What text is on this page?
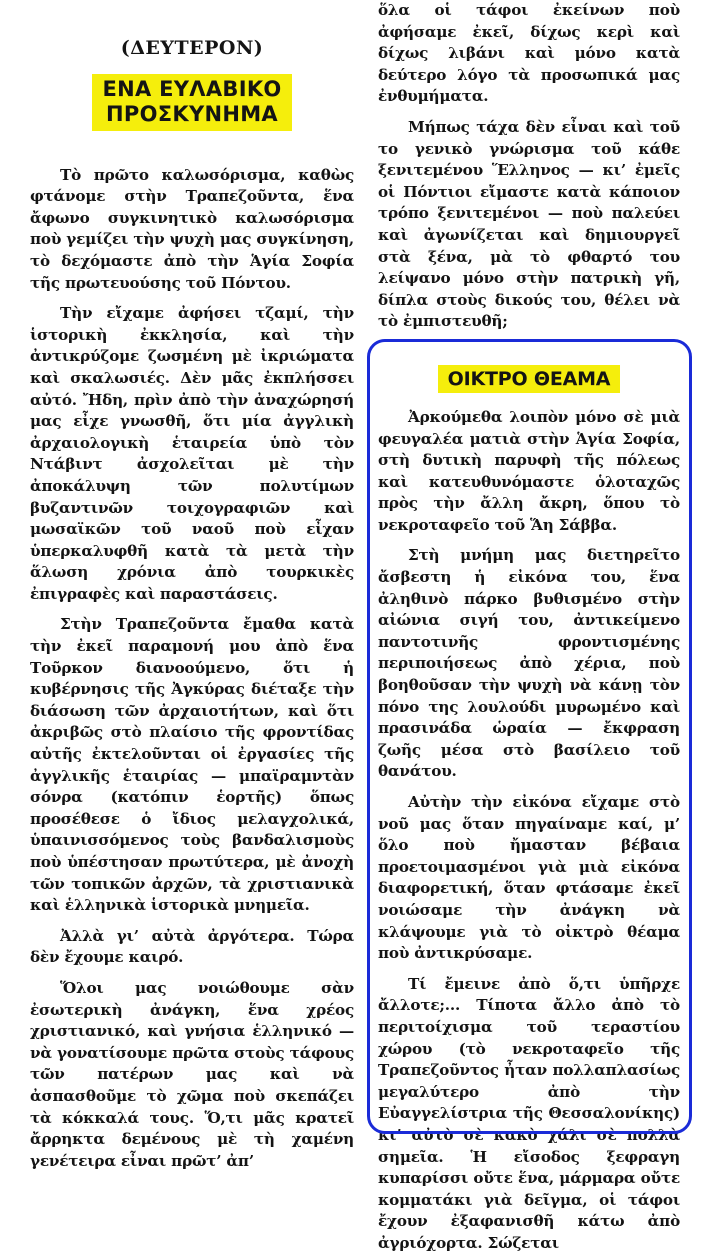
(ΔΕΥΤΕΡΟΝ)
ΕΝΑ ΕΥΛΑΒΙΚΟ
ΠΡΟΣΚΥΝΗΜΑ

Τὸ πρῶτο καλωσόρισμα, καθὼς φτάνομε στὴν Τραπεζοῦντα, ἕνα ἄφωνο συγκινητικὸ καλωσόρισμα ποὺ γεμίζει τὴν ψυχὴ μας συγκίνηση, τὸ δεχόμαστε ἀπὸ τὴν Ἁγία Σοφία τῆς πρωτευούσης τοῦ Πόντου.

Τὴν εἴχαμε ἀφήσει τζαμί, τὴν ἱστορικὴ ἐκκλησία, καὶ τὴν ἀντικρύζομε ζωσμένη μὲ ἰκριώματα καὶ σκαλωσιές. Δὲν μᾶς ἐκπλήσσει αὐτό. Ἤδη, πρὶν ἀπὸ τὴν ἀναχώρησή μας εἶχε γνωσθῆ, ὅτι μία ἀγγλικὴ ἀρχαιολογικὴ ἑταιρεία ὑπὸ τὸν Ντάβιντ ἀσχολεῖται μὲ τὴν ἀποκάλυψη τῶν πολυτίμων βυζαντινῶν τοιχογραφιῶν καὶ μωσαϊκῶν τοῦ ναοῦ ποὺ εἶχαν ὑπερκαλυφθῆ κατὰ τὰ μετὰ τὴν ἅλωση χρόνια ἀπὸ τουρκικὲς ἐπιγραφὲς καὶ παραστάσεις.

Στὴν Τραπεζοῦντα ἔμαθα κατὰ τὴν ἐκεῖ παραμονή μου ἀπὸ ἕνα Τοῦρκον διανοούμενο, ὅτι ἡ κυβέρνησις τῆς Ἀγκύρας διέταξε τὴν διάσωση τῶν ἀρχαιοτήτων, καὶ ὅτι ἀκριβῶς στὸ πλαίσιο τῆς φροντίδας αὐτῆς ἐκτελοῦνται οἱ ἐργασίες τῆς ἀγγλικῆς ἑταιρίας — μπαϊραμντὰν σόνρα (κατόπιν ἑορτῆς) ὅπως προσέθεσε ὁ ἴδιος μελαγχολικά, ὑπαινισσόμενος τοὺς βανδαλισμοὺς ποὺ ὑπέστησαν πρωτύτερα, μὲ ἀνοχὴ τῶν τοπικῶν ἀρχῶν, τὰ χριστιανικὰ καὶ ἑλληνικὰ ἱστορικὰ μνημεῖα.

Ἀλλὰ γι’ αὐτὰ ἀργότερα. Τώρα δὲν ἔχουμε καιρό.

Ὅλοι μας νοιώθουμε σὰν ἐσωτερικὴ ἀνάγκη, ἕνα χρέος χριστιανικό, καὶ γνήσια ἑλληνικό — νὰ γονατίσουμε πρῶτα στοὺς τάφους τῶν πατέρων μας καὶ νὰ ἀσπασθοῦμε τὸ χῶμα ποὺ σκεπάζει τὰ κόκκαλά τους. Ὅ,τι μᾶς κρατεῖ ἄρρηκτα δεμένους μὲ τὴ χαμένη γενέτειρα εἶναι πρῶτ’ ἀπ’

ὅλα οἱ τάφοι ἐκείνων ποὺ ἀφήσαμε ἐκεῖ, δίχως κερὶ καὶ δίχως λιβάνι καὶ μόνο κατὰ δεύτερο λόγο τὰ προσωπικά μας ἐνθυμήματα.

Μήπως τάχα δὲν εἶναι καὶ τοῦ το γενικὸ γνώρισμα τοῦ κάθε ξενιτεμένου Ἕλληνος — κι’ ἐμεῖς οἱ Πόντιοι εἴμαστε κατὰ κάποιον τρόπο ξενιτεμένοι — ποὺ παλεύει καὶ ἀγωνίζεται καὶ δημιουργεῖ στὰ ξένα, μὰ τὸ φθαρτό του λείψανο μόνο στὴν πατρικὴ γῆ, δίπλα στοὺς δικούς του, θέλει νὰ τὸ ἐμπιστευθῆ;

ΟΙΚΤΡΟ ΘΕΑΜΑ

Ἀρκούμεθα λοιπὸν μόνο σὲ μιὰ φευγαλέα ματιὰ στὴν Ἁγία Σοφία, στὴ δυτικὴ παρυφὴ τῆς πόλεως καὶ κατευθυνόμαστε ὁλοταχῶς πρὸς τὴν ἄλλη ἄκρη, ὅπου τὸ νεκροταφεῖο τοῦ Ἅη Σάββα.

Στὴ μνήμη μας διετηρεῖτο ἄσβεστη ἡ εἰκόνα του, ἕνα ἀληθινὸ πάρκο βυθισμένο στὴν αἰώνια σιγή του, ἀντικείμενο παντοτινῆς φροντισμένης περιποιήσεως ἀπὸ χέρια, ποὺ βοηθοῦσαν τὴν ψυχὴ νὰ κάνῃ τὸν πόνο της λουλούδι μυρωμένο καὶ πρασινάδα ὡραία — ἔκφραση ζωῆς μέσα στὸ βασίλειο τοῦ θανάτου.

Αὐτὴν τὴν εἰκόνα εἴχαμε στὸ νοῦ μας ὅταν πηγαίναμε καί, μ’ ὅλο ποὺ ἤμασταν βέβαια προετοιμασμένοι γιὰ μιὰ εἰκόνα διαφορετική, ὅταν φτάσαμε ἐκεῖ νοιώσαμε τὴν ἀνάγκη νὰ κλάψουμε γιὰ τὸ οἰκτρὸ θέαμα ποὺ ἀντικρύσαμε.

Τί ἔμεινε ἀπὸ ὅ,τι ὑπῆρχε ἄλλοτε;... Τίποτα ἄλλο ἀπὸ τὸ περιτοίχισμα τοῦ τεραστίου χώρου (τὸ νεκροταφεῖο τῆς Τραπεζοῦντος ἦταν πολλαπλασίως μεγαλύτερο ἀπὸ τὴν Εὐαγγελίστρια τῆς Θεσσαλονίκης) κι’ αὐτὸ σὲ κακὸ χάλι σὲ πολλὰ σημεῖα. Ἡ εἴσοδος ξεφραγη κυπαρίσσι οὔτε ἕνα, μάρμαρα οὔτε κομματάκι γιὰ δεῖγμα, οἱ τάφοι ἔχουν ἐξαφανισθῆ κάτω ἀπὸ ἀγριόχορτα. Σώζεται
